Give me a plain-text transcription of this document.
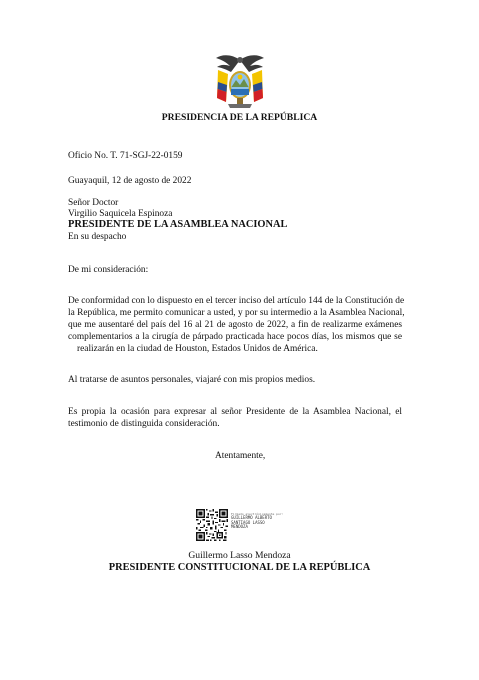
PRESIDENCIA DE LA REPÚBLICA
Oficio No. T. 71-SGJ-22-0159
Guayaquil, 12 de agosto de 2022
Señor Doctor
Virgilio Saquicela Espinoza
PRESIDENTE DE LA ASAMBLEA NACIONAL
En su despacho
De mi consideración:
De conformidad con lo dispuesto en el tercer inciso del artículo 144 de la Constitución de
la República, me permito comunicar a usted, y por su intermedio a la Asamblea Nacional,
que me ausentaré del país del 16 al 21 de agosto de 2022, a fin de realizarme exámenes
complementarios a la cirugía de párpado practicada hace pocos días, los mismos que se
realizarán en la ciudad de Houston, Estados Unidos de América.
Al tratarse de asuntos personales, viajaré con mis propios medios.
Es propia la ocasión para expresar al señor Presidente de la Asamblea Nacional, el
testimonio de distinguida consideración.
Atentamente,
Firmado electrónicamente por:
GUILLERMO ALBERTO
SANTIAGO LASSO
MENDOZA
Guillermo Lasso Mendoza
PRESIDENTE CONSTITUCIONAL DE LA REPÚBLICA
